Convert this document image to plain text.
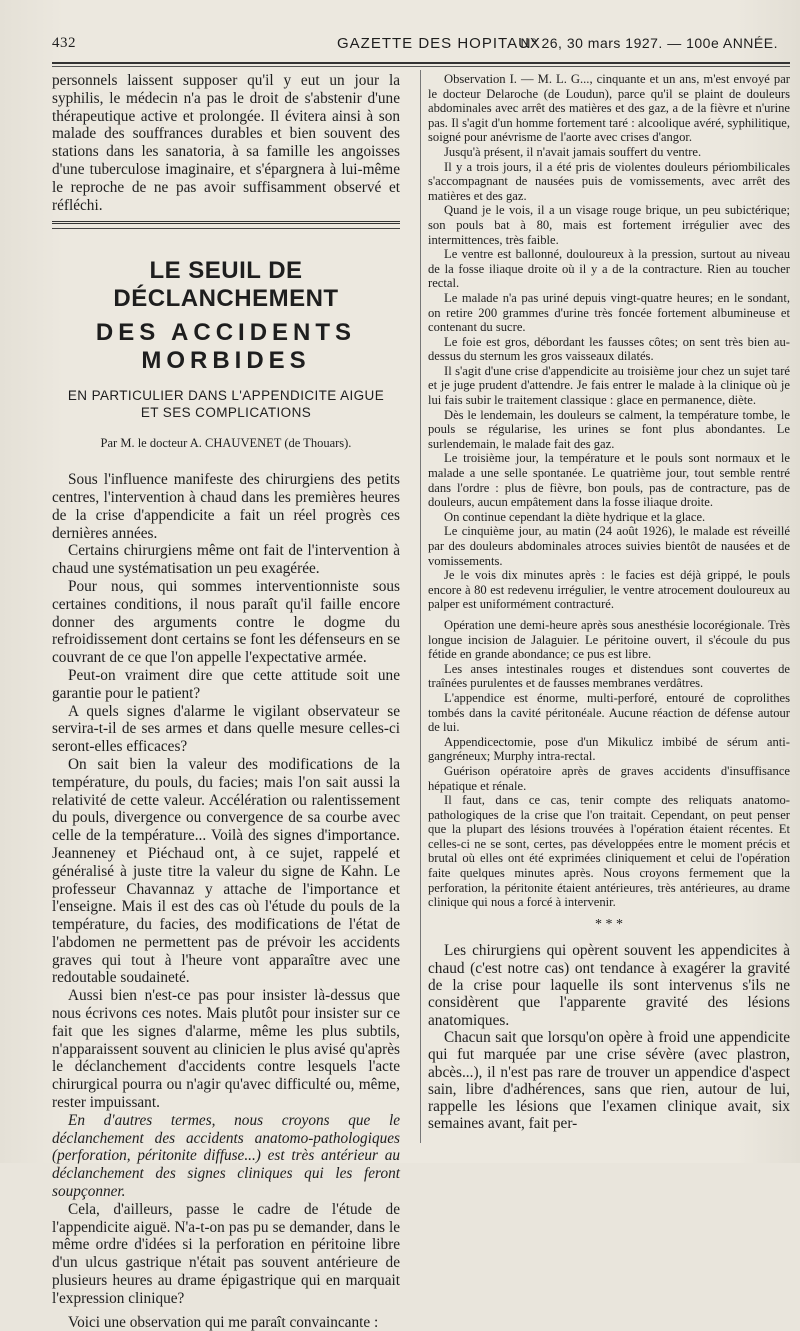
432	GAZETTE DES HOPITAUX
N° 26, 30 mars 1927. — 100e ANNÉE.

personnels laissent supposer qu'il y eut un jour la syphilis, le médecin n'a pas le droit de s'abstenir d'une thérapeutique active et prolongée. Il évitera ainsi à son malade des souffrances durables et bien souvent des stations dans les sanatoria, à sa famille les angoisses d'une tuberculose imaginaire, et s'épargnera à lui-même le reproche de ne pas avoir suffisamment observé et réfléchi.

LE SEUIL DE DÉCLANCHEMENT
DES ACCIDENTS MORBIDES
EN PARTICULIER DANS L'APPENDICITE AIGUE
ET SES COMPLICATIONS
Par M. le docteur A. CHAUVENET (de Thouars).

Sous l'influence manifeste des chirurgiens des petits centres, l'intervention à chaud dans les premières heures de la crise d'appendicite a fait un réel progrès ces dernières années.

Certains chirurgiens même ont fait de l'intervention à chaud une systématisation un peu exagérée.

Pour nous, qui sommes interventionniste sous certaines conditions, il nous paraît qu'il faille encore donner des arguments contre le dogme du refroidissement dont certains se font les défenseurs en se couvrant de ce que l'on appelle l'expectative armée.

Peut-on vraiment dire que cette attitude soit une garantie pour le patient?

A quels signes d'alarme le vigilant observateur se servira-t-il de ses armes et dans quelle mesure celles-ci seront-elles efficaces?

On sait bien la valeur des modifications de la température, du pouls, du facies; mais l'on sait aussi la relativité de cette valeur. Accélération ou ralentissement du pouls, divergence ou convergence de sa courbe avec celle de la température... Voilà des signes d'importance. Jeanneney et Piéchaud ont, à ce sujet, rappelé et généralisé à juste titre la valeur du signe de Kahn. Le professeur Chavannaz y attache de l'importance et l'enseigne. Mais il est des cas où l'étude du pouls de la température, du facies, des modifications de l'état de l'abdomen ne permettent pas de prévoir les accidents graves qui tout à l'heure vont apparaître avec une redoutable soudaineté.

Aussi bien n'est-ce pas pour insister là-dessus que nous écrivons ces notes. Mais plutôt pour insister sur ce fait que les signes d'alarme, même les plus subtils, n'apparaissent souvent au clinicien le plus avisé qu'après le déclanchement d'accidents contre lesquels l'acte chirurgical pourra ou n'agir qu'avec difficulté ou, même, rester impuissant.

En d'autres termes, nous croyons que le déclanchement des accidents anatomo-pathologiques (perforation, péritonite diffuse...) est très antérieur au déclanchement des signes cliniques qui les feront soupçonner.

Cela, d'ailleurs, passe le cadre de l'étude de l'appendicite aiguë. N'a-t-on pas pu se demander, dans le même ordre d'idées si la perforation en péritoine libre d'un ulcus gastrique n'était pas souvent antérieure de plusieurs heures au drame épigastrique qui en marquait l'expression clinique?

Voici une observation qui me paraît convaincante :

Observation I. — M. L. G..., cinquante et un ans, m'est envoyé par le docteur Delaroche (de Loudun), parce qu'il se plaint de douleurs abdominales avec arrêt des matières et des gaz, a de la fièvre et n'urine pas. Il s'agit d'un homme fortement taré : alcoolique avéré, syphilitique, soigné pour anévrisme de l'aorte avec crises d'angor.

Jusqu'à présent, il n'avait jamais souffert du ventre.

Il y a trois jours, il a été pris de violentes douleurs périombilicales s'accompagnant de nausées puis de vomissements, avec arrêt des matières et des gaz.

Quand je le vois, il a un visage rouge brique, un peu subictérique; son pouls bat à 80, mais est fortement irrégulier avec des intermittences, très faible.

Le ventre est ballonné, douloureux à la pression, surtout au niveau de la fosse iliaque droite où il y a de la contracture. Rien au toucher rectal.

Le malade n'a pas uriné depuis vingt-quatre heures; en le sondant, on retire 200 grammes d'urine très foncée fortement albumineuse et contenant du sucre.

Le foie est gros, débordant les fausses côtes; on sent très bien au-dessus du sternum les gros vaisseaux dilatés.

Il s'agit d'une crise d'appendicite au troisième jour chez un sujet taré et je juge prudent d'attendre. Je fais entrer le malade à la clinique où je lui fais subir le traitement classique : glace en permanence, diète.

Dès le lendemain, les douleurs se calment, la température tombe, le pouls se régularise, les urines se font plus abondantes. Le surlendemain, le malade fait des gaz.

Le troisième jour, la température et le pouls sont normaux et le malade a une selle spontanée. Le quatrième jour, tout semble rentré dans l'ordre : plus de fièvre, bon pouls, pas de contracture, pas de douleurs, aucun empâtement dans la fosse iliaque droite.

On continue cependant la diète hydrique et la glace.

Le cinquième jour, au matin (24 août 1926), le malade est réveillé par des douleurs abdominales atroces suivies bientôt de nausées et de vomissements.

Je le vois dix minutes après : le facies est déjà grippé, le pouls encore à 80 est redevenu irrégulier, le ventre atrocement douloureux au palper est uniformément contracturé.

Opération une demi-heure après sous anesthésie locorégionale. Très longue incision de Jalaguier. Le péritoine ouvert, il s'écoule du pus fétide en grande abondance; ce pus est libre.

Les anses intestinales rouges et distendues sont couvertes de traînées purulentes et de fausses membranes verdâtres.

L'appendice est énorme, multi-perforé, entouré de coprolithes tombés dans la cavité péritonéale. Aucune réaction de défense autour de lui.

Appendicectomie, pose d'un Mikulicz imbibé de sérum anti-gangréneux; Murphy intra-rectal.

Guérison opératoire après de graves accidents d'insuffisance hépatique et rénale.

Il faut, dans ce cas, tenir compte des reliquats anatomo-pathologiques de la crise que l'on traitait. Cependant, on peut penser que la plupart des lésions trouvées à l'opération étaient récentes. Et celles-ci ne se sont, certes, pas développées entre le moment précis et brutal où elles ont été exprimées cliniquement et celui de l'opération faite quelques minutes après. Nous croyons fermement que la perforation, la péritonite étaient antérieures, très antérieures, au drame clinique qui nous a forcé à intervenir.

* * *

Les chirurgiens qui opèrent souvent les appendicites à chaud (c'est notre cas) ont tendance à exagérer la gravité de la crise pour laquelle ils sont intervenus s'ils ne considèrent que l'apparente gravité des lésions anatomiques.

Chacun sait que lorsqu'on opère à froid une appendicite qui fut marquée par une crise sévère (avec plastron, abcès...), il n'est pas rare de trouver un appendice d'aspect sain, libre d'adhérences, sans que rien, autour de lui, rappelle les lésions que l'examen clinique avait, six semaines avant, fait per-
